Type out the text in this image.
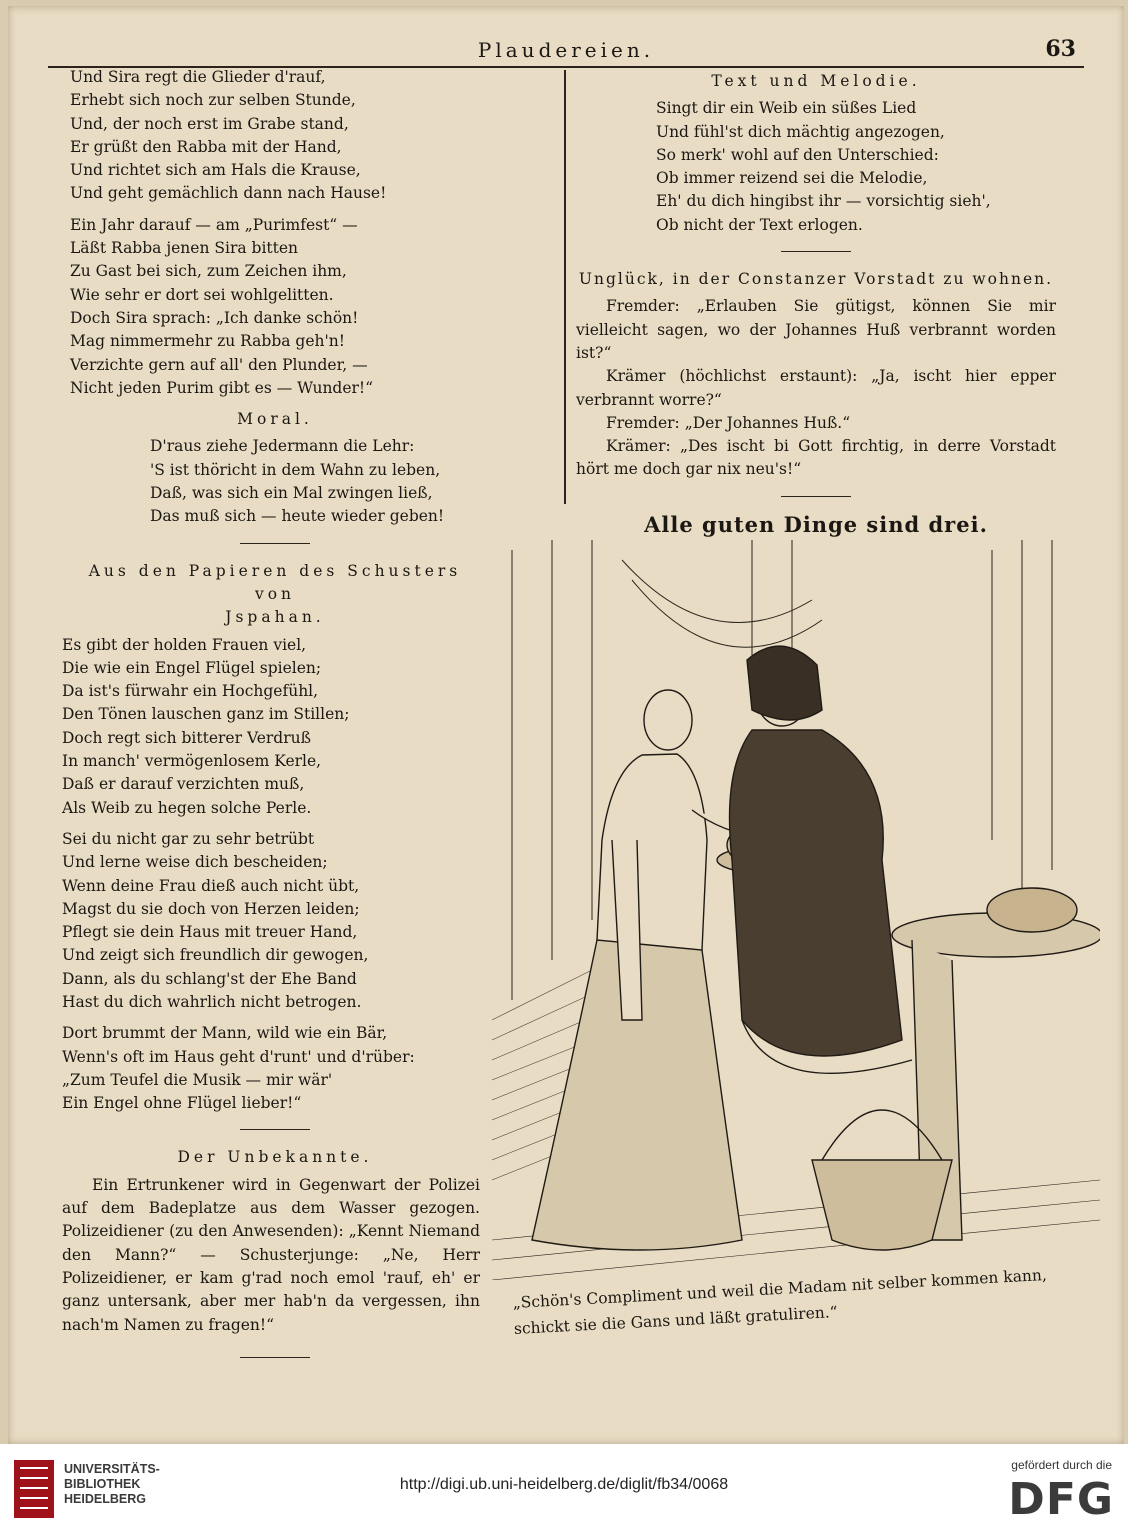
Plaudereien.	63
Und Sira regt die Glieder d'rauf,
Erhebt sich noch zur selben Stunde,
Und, der noch erst im Grabe stand,
Er grüßt den Rabba mit der Hand,
Und richtet sich am Hals die Krause,
Und geht gemächlich dann nach Hause!
Ein Jahr darauf — am „Purimfest“ —
Läßt Rabba jenen Sira bitten
Zu Gast bei sich, zum Zeichen ihm,
Wie sehr er dort sei wohlgelitten.
Doch Sira sprach: „Ich danke schön!
Mag nimmermehr zu Rabba geh'n!
Verzichte gern auf all' den Plunder, —
Nicht jeden Purim gibt es — Wunder!“
Moral.
D'raus ziehe Jedermann die Lehr:
'S ist thöricht in dem Wahn zu leben,
Daß, was sich ein Mal zwingen ließ,
Das muß sich — heute wieder geben!
Aus den Papieren des Schusters von
Jspahan.
Es gibt der holden Frauen viel,
Die wie ein Engel Flügel spielen;
Da ist's fürwahr ein Hochgefühl,
Den Tönen lauschen ganz im Stillen;
Doch regt sich bitterer Verdruß
In manch' vermögenlosem Kerle,
Daß er darauf verzichten muß,
Als Weib zu hegen solche Perle.
Sei du nicht gar zu sehr betrübt
Und lerne weise dich bescheiden;
Wenn deine Frau dieß auch nicht übt,
Magst du sie doch von Herzen leiden;
Pflegt sie dein Haus mit treuer Hand,
Und zeigt sich freundlich dir gewogen,
Dann, als du schlang'st der Ehe Band
Hast du dich wahrlich nicht betrogen.
Dort brummt der Mann, wild wie ein Bär,
Wenn's oft im Haus geht d'runt' und d'rüber:
„Zum Teufel die Musik — mir wär'
Ein Engel ohne Flügel lieber!“
Der Unbekannte.

Ein Ertrunkener wird in Gegenwart der Polizei auf dem Badeplatze aus dem Wasser gezogen. Polizeidiener (zu den Anwesenden): „Kennt Niemand den Mann?“ — Schusterjunge: „Ne, Herr Polizeidiener, er kam g'rad noch emol 'rauf, eh' er ganz untersank, aber mer hab'n da vergessen, ihn nach'm Namen zu fragen!“

Text und Melodie.
Singt dir ein Weib ein süßes Lied
Und fühl'st dich mächtig angezogen,
So merk' wohl auf den Unterschied:
Ob immer reizend sei die Melodie,
Eh' du dich hingibst ihr — vorsichtig sieh',
Ob nicht der Text erlogen.
Unglück, in der Constanzer Vorstadt zu wohnen.

Fremder: „Erlauben Sie gütigst, können Sie mir vielleicht sagen, wo der Johannes Huß verbrannt worden ist?“

Krämer (höchlichst erstaunt): „Ja, ischt hier epper verbrannt worre?“

Fremder: „Der Johannes Huß.“

Krämer: „Des ischt bi Gott firchtig, in derre Vorstadt hört me doch gar nix neu's!“

Alle guten Dinge sind drei.
„Schön's Compliment und weil die Madam nit selber kommen kann,
schickt sie die Gans und läßt gratuliren.“
UNIVERSITÄTS-
BIBLIOTHEK
HEIDELBERG
http://digi.ub.uni-heidelberg.de/diglit/fb34/0068
gefördert durch die
DFG
